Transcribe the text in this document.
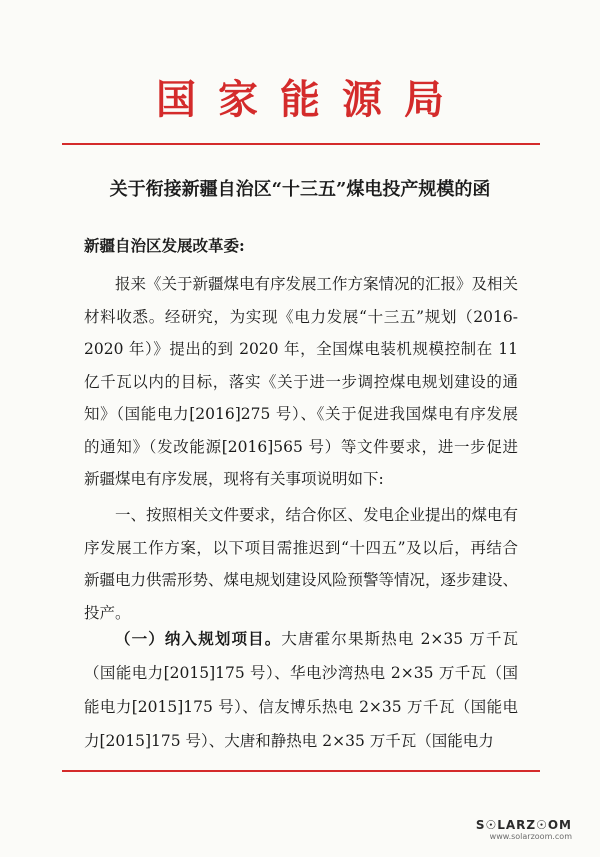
国家能源局
关于衔接新疆自治区“十三五”煤电投产规模的函
新疆自治区发展改革委:
报来《关于新疆煤电有序发展工作方案情况的汇报》及相关材料收悉。经研究，为实现《电力发展“十三五”规划（2016-2020 年）》提出的到 2020 年，全国煤电装机规模控制在 11 亿千瓦以内的目标，落实《关于进一步调控煤电规划建设的通知》（国能电力[2016]275 号）、《关于促进我国煤电有序发展的通知》（发改能源[2016]565 号）等文件要求，进一步促进新疆煤电有序发展，现将有关事项说明如下:
一、按照相关文件要求，结合你区、发电企业提出的煤电有序发展工作方案，以下项目需推迟到“十四五”及以后，再结合新疆电力供需形势、煤电规划建设风险预警等情况，逐步建设、投产。
（一）纳入规划项目。大唐霍尔果斯热电 2×35 万千瓦（国能电力[2015]175 号）、华电沙湾热电 2×35 万千瓦（国能电力[2015]175 号）、信友博乐热电 2×35 万千瓦（国能电力[2015]175 号）、大唐和静热电 2×35 万千瓦（国能电力
S☉LARZ☉OM
www.solarzoom.com
